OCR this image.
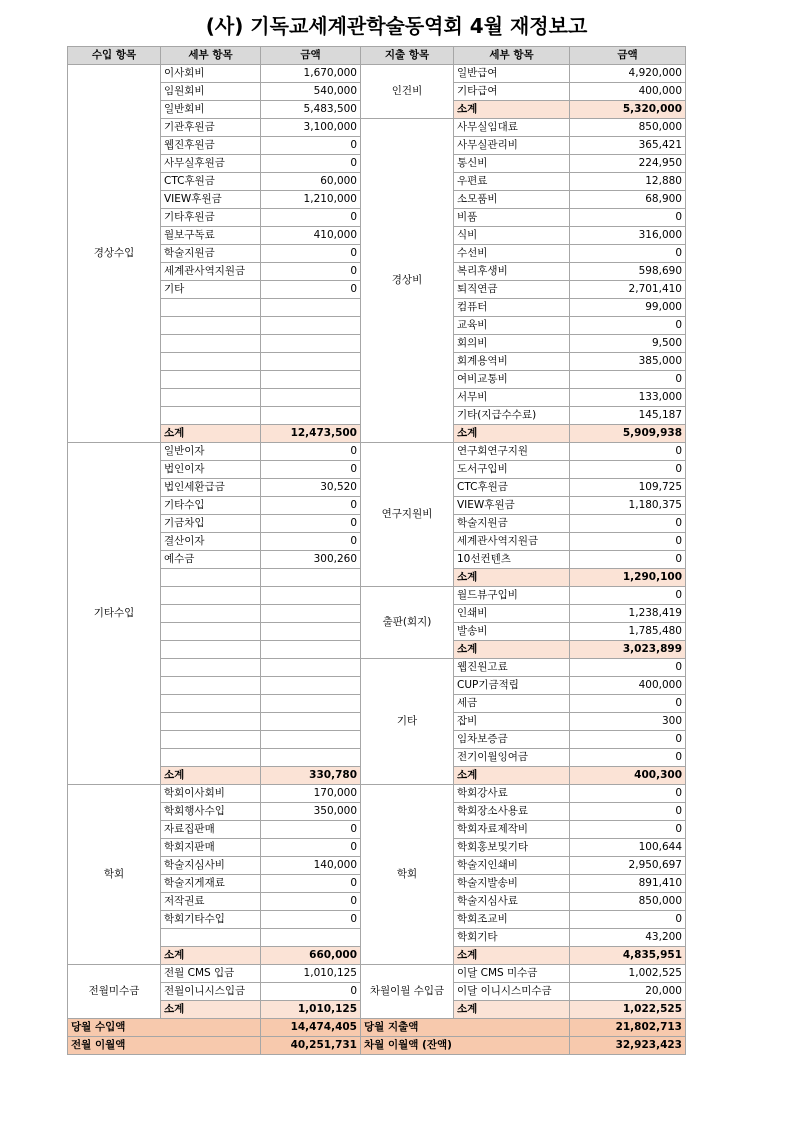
(사) 기독교세계관학술동역회 4월 재정보고
수입 항목	세부 항목	금액	지출 항목	세부 항목	금액
경상수입	이사회비	1,670,000	인건비	일반급여	4,920,000
	임원회비	540,000		기타급여	400,000
	일반회비	5,483,500		소계	5,320,000
	기관후원금	3,100,000	경상비	사무실임대료	850,000
	웹진후원금	0		사무실관리비	365,421
	사무실후원금	0		통신비	224,950
	CTC후원금	60,000		우편료	12,880
	VIEW후원금	1,210,000		소모품비	68,900
	기타후원금	0		비품	0
	월보구독료	410,000		식비	316,000
	학술지원금	0		수선비	0
	세계관사역지원금	0		복리후생비	598,690
	기타	0		퇴직연금	2,701,410
				컴퓨터	99,000
				교육비	0
				회의비	9,500
				회계용역비	385,000
				여비교통비	0
				서무비	133,000
				기타(지급수수료)	145,187
	소계	12,473,500		소계	5,909,938
기타수입	일반이자	0	연구지원비	연구회연구지원	0
	법인이자	0		도서구입비	0
	법인세환급금	30,520		CTC후원금	109,725
	기타수입	0		VIEW후원금	1,180,375
	기금차입	0		학술지원금	0
	결산이자	0		세계관사역지원금	0
	예수금	300,260		10선컨텐츠	0
				소계	1,290,100
			출판(회지)	월드뷰구입비	0
				인쇄비	1,238,419
				발송비	1,785,480
				소계	3,023,899
			기타	웹진원고료	0
				CUP기금적립	400,000
				세금	0
				잡비	300
				임차보증금	0
				전기이월잉여금	0
	소계	330,780		소계	400,300
학회	학회이사회비	170,000	학회	학회강사료	0
	학회행사수입	350,000		학회장소사용료	0
	자료집판매	0		학회자료제작비	0
	학회지판매	0		학회홍보및기타	100,644
	학술지심사비	140,000		학술지인쇄비	2,950,697
	학술지게재료	0		학술지발송비	891,410
	저작권료	0		학술지심사료	850,000
	학회기타수입	0		학회조교비	0
				학회기타	43,200
	소계	660,000		소계	4,835,951
전월미수금	전월 CMS 입금	1,010,125	차월이월 수입금	이달 CMS 미수금	1,002,525
	전월이니시스입금	0		이달 이니시스미수금	20,000
	소계	1,010,125		소계	1,022,525
당월 수입액		14,474,405	당월 지출액		21,802,713
전월 이월액		40,251,731	차월 이월액 (잔액)		32,923,423
